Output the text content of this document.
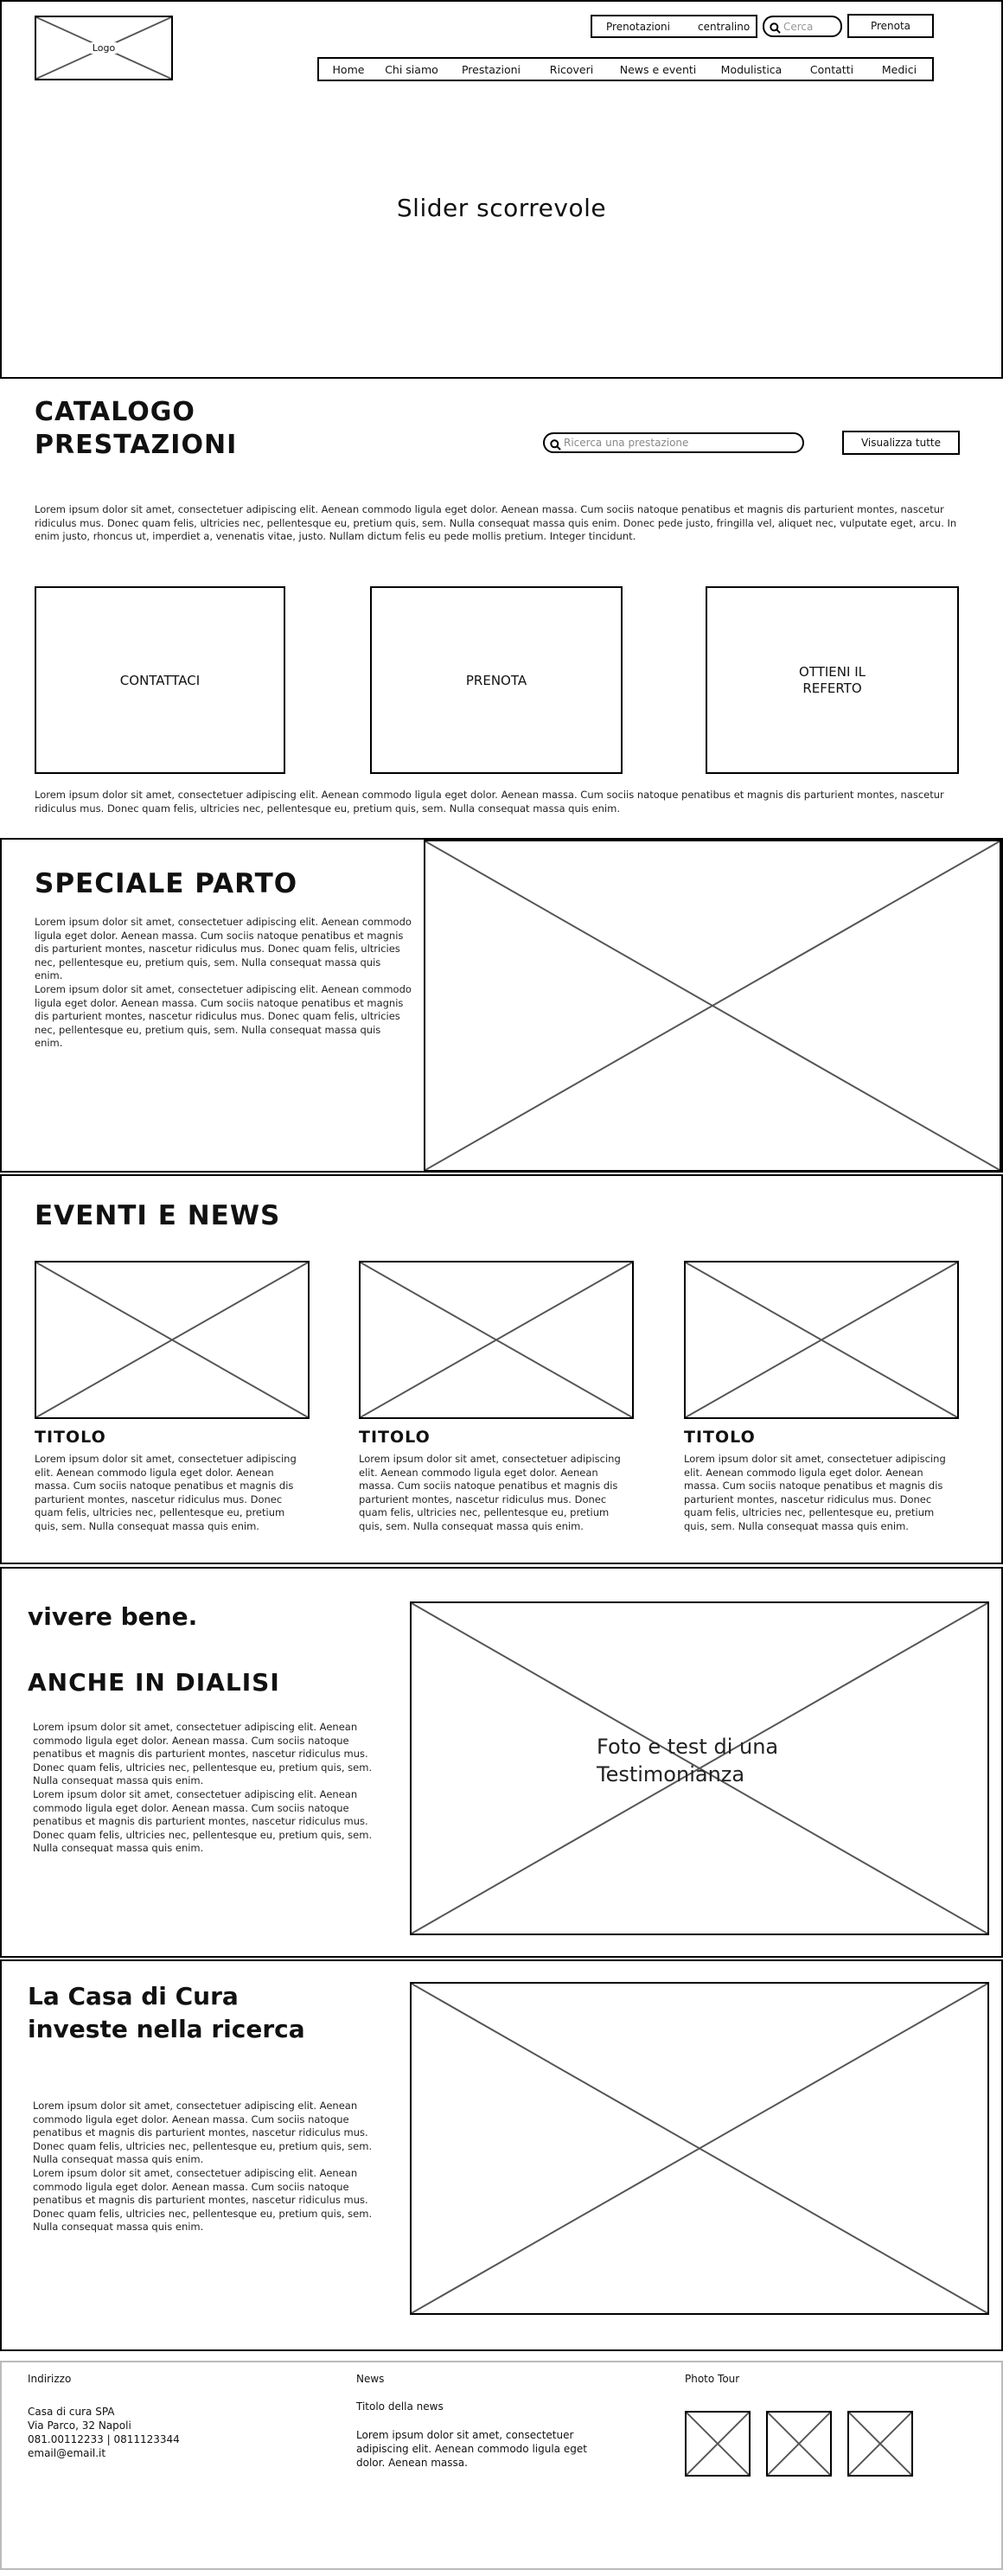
Logo
Prenotazioni	centralino	Cerca	Prenota
Home	Chi siamo	Prestazioni	Ricoveri	News e eventi	Modulistica	Contatti	Medici
Slider scorrevole
CATALOGO
PRESTAZIONI	Ricerca una prestazione	Visualizza tutte
Lorem ipsum dolor sit amet, consectetuer adipiscing elit. Aenean commodo ligula eget dolor. Aenean massa. Cum sociis natoque penatibus et magnis dis parturient montes, nascetur ridiculus mus. Donec quam felis, ultricies nec, pellentesque eu, pretium quis, sem. Nulla consequat massa quis enim. Donec pede justo, fringilla vel, aliquet nec, vulputate eget, arcu. In enim justo, rhoncus ut, imperdiet a, venenatis vitae, justo. Nullam dictum felis eu pede mollis pretium. Integer tincidunt.
CONTATTACI	PRENOTA
OTTIENI IL REFERTO
Lorem ipsum dolor sit amet, consectetuer adipiscing elit. Aenean commodo ligula eget dolor. Aenean massa. Cum sociis natoque penatibus et magnis dis parturient montes, nascetur ridiculus mus. Donec quam felis, ultricies nec, pellentesque eu, pretium quis, sem. Nulla consequat massa quis enim.
SPECIALE PARTO
Lorem ipsum dolor sit amet, consectetuer adipiscing elit. Aenean commodo ligula eget dolor. Aenean massa. Cum sociis natoque penatibus et magnis dis parturient montes, nascetur ridiculus mus. Donec quam felis, ultricies nec, pellentesque eu, pretium quis, sem. Nulla consequat massa quis enim.
Lorem ipsum dolor sit amet, consectetuer adipiscing elit. Aenean commodo ligula eget dolor. Aenean massa. Cum sociis natoque penatibus et magnis dis parturient montes, nascetur ridiculus mus. Donec quam felis, ultricies nec, pellentesque eu, pretium quis, sem. Nulla consequat massa quis enim.
EVENTI E NEWS
TITOLO
Lorem ipsum dolor sit amet, consectetuer adipiscing elit. Aenean commodo ligula eget dolor. Aenean massa. Cum sociis natoque penatibus et magnis dis parturient montes, nascetur ridiculus mus. Donec quam felis, ultricies nec, pellentesque eu, pretium quis, sem. Nulla consequat massa quis enim.
TITOLO
Lorem ipsum dolor sit amet, consectetuer adipiscing elit. Aenean commodo ligula eget dolor. Aenean massa. Cum sociis natoque penatibus et magnis dis parturient montes, nascetur ridiculus mus. Donec quam felis, ultricies nec, pellentesque eu, pretium quis, sem. Nulla consequat massa quis enim.
TITOLO
Lorem ipsum dolor sit amet, consectetuer adipiscing elit. Aenean commodo ligula eget dolor. Aenean massa. Cum sociis natoque penatibus et magnis dis parturient montes, nascetur ridiculus mus. Donec quam felis, ultricies nec, pellentesque eu, pretium quis, sem. Nulla consequat massa quis enim.
vivere bene.
ANCHE IN DIALISI
Lorem ipsum dolor sit amet, consectetuer adipiscing elit. Aenean commodo ligula eget dolor. Aenean massa. Cum sociis natoque penatibus et magnis dis parturient montes, nascetur ridiculus mus. Donec quam felis, ultricies nec, pellentesque eu, pretium quis, sem. Nulla consequat massa quis enim.
Lorem ipsum dolor sit amet, consectetuer adipiscing elit. Aenean commodo ligula eget dolor. Aenean massa. Cum sociis natoque penatibus et magnis dis parturient montes, nascetur ridiculus mus. Donec quam felis, ultricies nec, pellentesque eu, pretium quis, sem. Nulla consequat massa quis enim.
Foto e test di una Testimonianza
La Casa di Cura investe nella ricerca
Lorem ipsum dolor sit amet, consectetuer adipiscing elit. Aenean commodo ligula eget dolor. Aenean massa. Cum sociis natoque penatibus et magnis dis parturient montes, nascetur ridiculus mus. Donec quam felis, ultricies nec, pellentesque eu, pretium quis, sem. Nulla consequat massa quis enim.
Lorem ipsum dolor sit amet, consectetuer adipiscing elit. Aenean commodo ligula eget dolor. Aenean massa. Cum sociis natoque penatibus et magnis dis parturient montes, nascetur ridiculus mus. Donec quam felis, ultricies nec, pellentesque eu, pretium quis, sem. Nulla consequat massa quis enim.
Indirizzo
Casa di cura SPA
Via Parco, 32 Napoli
081.00112233 | 0811123344
email@email.it
News
Titolo della news
Lorem ipsum dolor sit amet, consectetuer adipiscing elit. Aenean commodo ligula eget dolor. Aenean massa.
Photo Tour
